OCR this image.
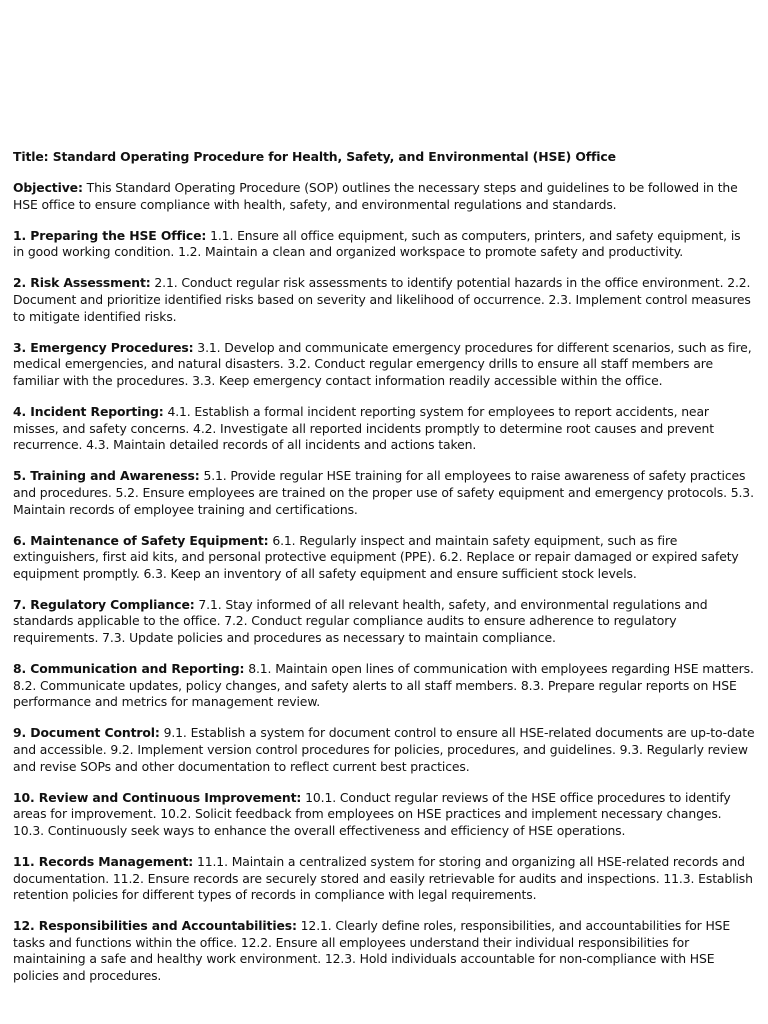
Title: Standard Operating Procedure for Health, Safety, and Environmental (HSE) Office

Objective: This Standard Operating Procedure (SOP) outlines the necessary steps and guidelines to be followed in the HSE office to ensure compliance with health, safety, and environmental regulations and standards.

1. Preparing the HSE Office: 1.1. Ensure all office equipment, such as computers, printers, and safety equipment, is in good working condition. 1.2. Maintain a clean and organized workspace to promote safety and productivity.

2. Risk Assessment: 2.1. Conduct regular risk assessments to identify potential hazards in the office environment. 2.2. Document and prioritize identified risks based on severity and likelihood of occurrence. 2.3. Implement control measures to mitigate identified risks.

3. Emergency Procedures: 3.1. Develop and communicate emergency procedures for different scenarios, such as fire, medical emergencies, and natural disasters. 3.2. Conduct regular emergency drills to ensure all staff members are familiar with the procedures. 3.3. Keep emergency contact information readily accessible within the office.

4. Incident Reporting: 4.1. Establish a formal incident reporting system for employees to report accidents, near misses, and safety concerns. 4.2. Investigate all reported incidents promptly to determine root causes and prevent recurrence. 4.3. Maintain detailed records of all incidents and actions taken.

5. Training and Awareness: 5.1. Provide regular HSE training for all employees to raise awareness of safety practices and procedures. 5.2. Ensure employees are trained on the proper use of safety equipment and emergency protocols. 5.3. Maintain records of employee training and certifications.

6. Maintenance of Safety Equipment: 6.1. Regularly inspect and maintain safety equipment, such as fire extinguishers, first aid kits, and personal protective equipment (PPE). 6.2. Replace or repair damaged or expired safety equipment promptly. 6.3. Keep an inventory of all safety equipment and ensure sufficient stock levels.

7. Regulatory Compliance: 7.1. Stay informed of all relevant health, safety, and environmental regulations and standards applicable to the office. 7.2. Conduct regular compliance audits to ensure adherence to regulatory requirements. 7.3. Update policies and procedures as necessary to maintain compliance.

8. Communication and Reporting: 8.1. Maintain open lines of communication with employees regarding HSE matters. 8.2. Communicate updates, policy changes, and safety alerts to all staff members. 8.3. Prepare regular reports on HSE performance and metrics for management review.

9. Document Control: 9.1. Establish a system for document control to ensure all HSE-related documents are up-to-date and accessible. 9.2. Implement version control procedures for policies, procedures, and guidelines. 9.3. Regularly review and revise SOPs and other documentation to reflect current best practices.

10. Review and Continuous Improvement: 10.1. Conduct regular reviews of the HSE office procedures to identify areas for improvement. 10.2. Solicit feedback from employees on HSE practices and implement necessary changes. 10.3. Continuously seek ways to enhance the overall effectiveness and efficiency of HSE operations.

11. Records Management: 11.1. Maintain a centralized system for storing and organizing all HSE-related records and documentation. 11.2. Ensure records are securely stored and easily retrievable for audits and inspections. 11.3. Establish retention policies for different types of records in compliance with legal requirements.

12. Responsibilities and Accountabilities: 12.1. Clearly define roles, responsibilities, and accountabilities for HSE tasks and functions within the office. 12.2. Ensure all employees understand their individual responsibilities for maintaining a safe and healthy work environment. 12.3. Hold individuals accountable for non-compliance with HSE policies and procedures.
